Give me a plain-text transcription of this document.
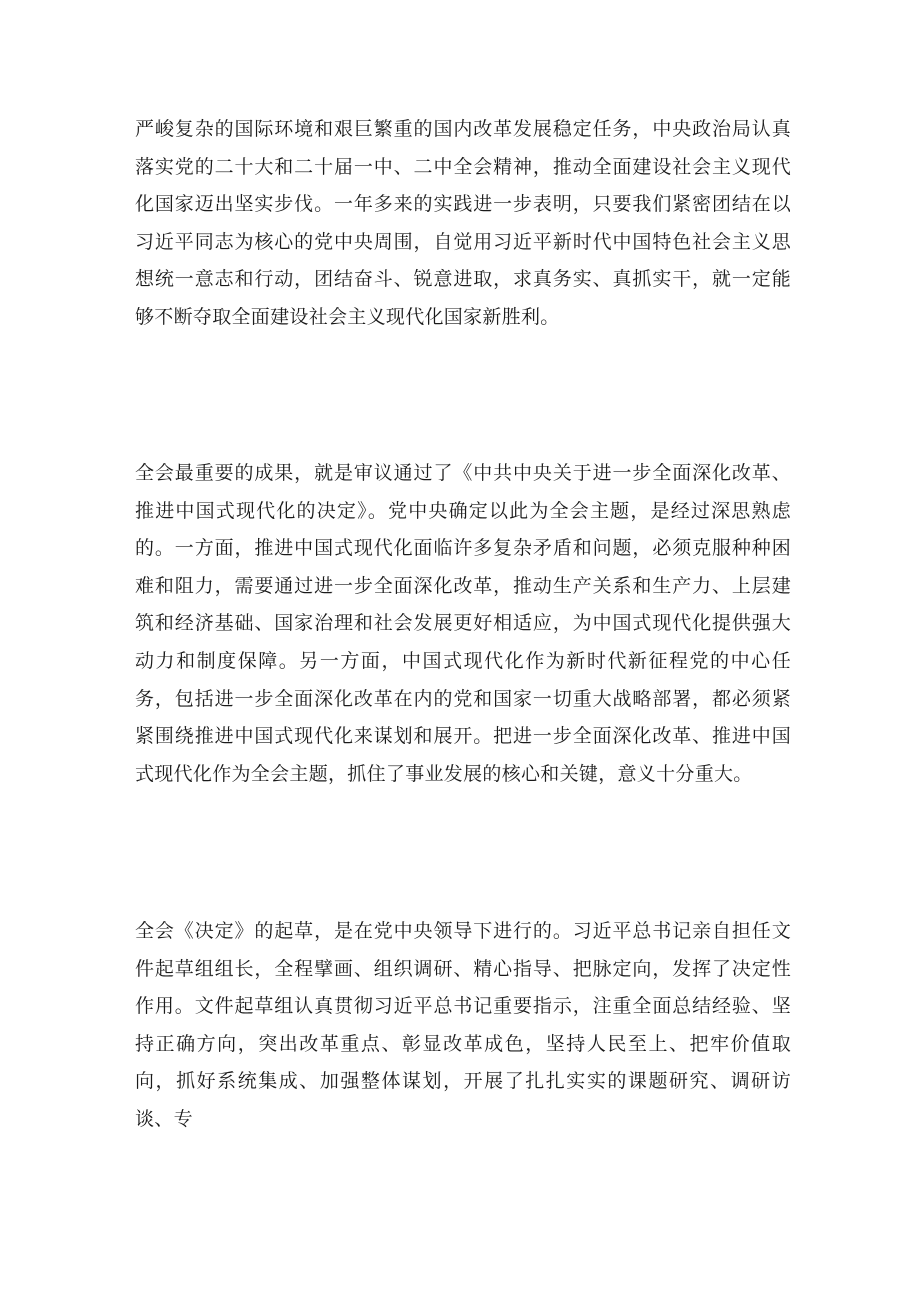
严峻复杂的国际环境和艰巨繁重的国内改革发展稳定任务，中央政治局认真落实党的二十大和二十届一中、二中全会精神，推动全面建设社会主义现代化国家迈出坚实步伐。一年多来的实践进一步表明，只要我们紧密团结在以习近平同志为核心的党中央周围，自觉用习近平新时代中国特色社会主义思想统一意志和行动，团结奋斗、锐意进取，求真务实、真抓实干，就一定能够不断夺取全面建设社会主义现代化国家新胜利。

全会最重要的成果，就是审议通过了《中共中央关于进一步全面深化改革、推进中国式现代化的决定》。党中央确定以此为全会主题，是经过深思熟虑的。一方面，推进中国式现代化面临许多复杂矛盾和问题，必须克服种种困难和阻力，需要通过进一步全面深化改革，推动生产关系和生产力、上层建筑和经济基础、国家治理和社会发展更好相适应，为中国式现代化提供强大动力和制度保障。另一方面，中国式现代化作为新时代新征程党的中心任务，包括进一步全面深化改革在内的党和国家一切重大战略部署，都必须紧紧围绕推进中国式现代化来谋划和展开。把进一步全面深化改革、推进中国式现代化作为全会主题，抓住了事业发展的核心和关键，意义十分重大。

全会《决定》的起草，是在党中央领导下进行的。习近平总书记亲自担任文件起草组组长，全程擘画、组织调研、精心指导、把脉定向，发挥了决定性作用。文件起草组认真贯彻习近平总书记重要指示，注重全面总结经验、坚持正确方向，突出改革重点、彰显改革成色，坚持人民至上、把牢价值取向，抓好系统集成、加强整体谋划，开展了扎扎实实的课题研究、调研访谈、专
